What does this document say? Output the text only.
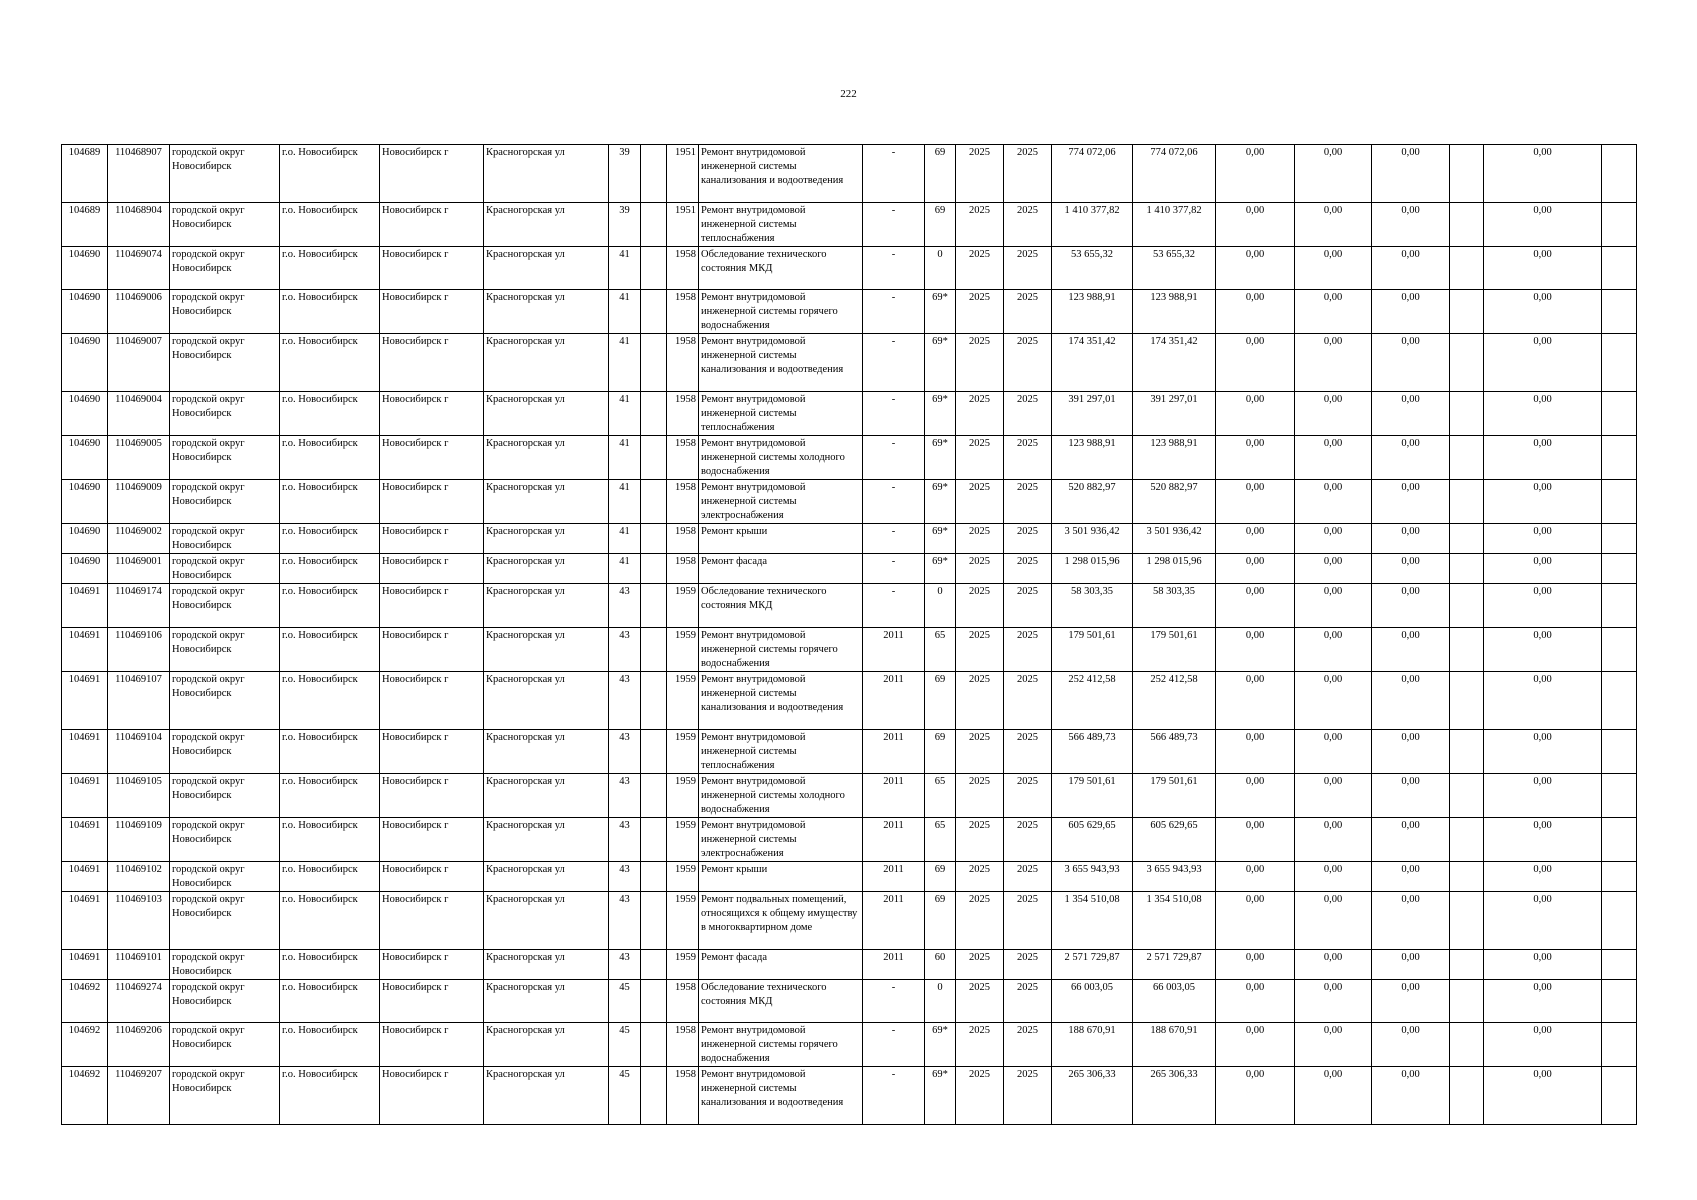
222
104689	110468907	городской округ Новосибирск	г.о. Новосибирск	Новосибирск г	Красногорская ул	39		1951	Ремонт внутридомовой инженерной системы канализования и водоотведения	-	69	2025	2025	774 072,06	774 072,06	0,00	0,00	0,00		0,00	
104689	110468904	городской округ Новосибирск	г.о. Новосибирск	Новосибирск г	Красногорская ул	39		1951	Ремонт внутридомовой инженерной системы теплоснабжения	-	69	2025	2025	1 410 377,82	1 410 377,82	0,00	0,00	0,00		0,00	
104690	110469074	городской округ Новосибирск	г.о. Новосибирск	Новосибирск г	Красногорская ул	41		1958	Обследование технического состояния МКД	-	0	2025	2025	53 655,32	53 655,32	0,00	0,00	0,00		0,00	
104690	110469006	городской округ Новосибирск	г.о. Новосибирск	Новосибирск г	Красногорская ул	41		1958	Ремонт внутридомовой инженерной системы горячего водоснабжения	-	69*	2025	2025	123 988,91	123 988,91	0,00	0,00	0,00		0,00	
104690	110469007	городской округ Новосибирск	г.о. Новосибирск	Новосибирск г	Красногорская ул	41		1958	Ремонт внутридомовой инженерной системы канализования и водоотведения	-	69*	2025	2025	174 351,42	174 351,42	0,00	0,00	0,00		0,00	
104690	110469004	городской округ Новосибирск	г.о. Новосибирск	Новосибирск г	Красногорская ул	41		1958	Ремонт внутридомовой инженерной системы теплоснабжения	-	69*	2025	2025	391 297,01	391 297,01	0,00	0,00	0,00		0,00	
104690	110469005	городской округ Новосибирск	г.о. Новосибирск	Новосибирск г	Красногорская ул	41		1958	Ремонт внутридомовой инженерной системы холодного водоснабжения	-	69*	2025	2025	123 988,91	123 988,91	0,00	0,00	0,00		0,00	
104690	110469009	городской округ Новосибирск	г.о. Новосибирск	Новосибирск г	Красногорская ул	41		1958	Ремонт внутридомовой инженерной системы электроснабжения	-	69*	2025	2025	520 882,97	520 882,97	0,00	0,00	0,00		0,00	
104690	110469002	городской округ Новосибирск	г.о. Новосибирск	Новосибирск г	Красногорская ул	41		1958	Ремонт крыши	-	69*	2025	2025	3 501 936,42	3 501 936,42	0,00	0,00	0,00		0,00	
104690	110469001	городской округ Новосибирск	г.о. Новосибирск	Новосибирск г	Красногорская ул	41		1958	Ремонт фасада	-	69*	2025	2025	1 298 015,96	1 298 015,96	0,00	0,00	0,00		0,00	
104691	110469174	городской округ Новосибирск	г.о. Новосибирск	Новосибирск г	Красногорская ул	43		1959	Обследование технического состояния МКД	-	0	2025	2025	58 303,35	58 303,35	0,00	0,00	0,00		0,00	
104691	110469106	городской округ Новосибирск	г.о. Новосибирск	Новосибирск г	Красногорская ул	43		1959	Ремонт внутридомовой инженерной системы горячего водоснабжения	2011	65	2025	2025	179 501,61	179 501,61	0,00	0,00	0,00		0,00	
104691	110469107	городской округ Новосибирск	г.о. Новосибирск	Новосибирск г	Красногорская ул	43		1959	Ремонт внутридомовой инженерной системы канализования и водоотведения	2011	69	2025	2025	252 412,58	252 412,58	0,00	0,00	0,00		0,00	
104691	110469104	городской округ Новосибирск	г.о. Новосибирск	Новосибирск г	Красногорская ул	43		1959	Ремонт внутридомовой инженерной системы теплоснабжения	2011	69	2025	2025	566 489,73	566 489,73	0,00	0,00	0,00		0,00	
104691	110469105	городской округ Новосибирск	г.о. Новосибирск	Новосибирск г	Красногорская ул	43		1959	Ремонт внутридомовой инженерной системы холодного водоснабжения	2011	65	2025	2025	179 501,61	179 501,61	0,00	0,00	0,00		0,00	
104691	110469109	городской округ Новосибирск	г.о. Новосибирск	Новосибирск г	Красногорская ул	43		1959	Ремонт внутридомовой инженерной системы электроснабжения	2011	65	2025	2025	605 629,65	605 629,65	0,00	0,00	0,00		0,00	
104691	110469102	городской округ Новосибирск	г.о. Новосибирск	Новосибирск г	Красногорская ул	43		1959	Ремонт крыши	2011	69	2025	2025	3 655 943,93	3 655 943,93	0,00	0,00	0,00		0,00	
104691	110469103	городской округ Новосибирск	г.о. Новосибирск	Новосибирск г	Красногорская ул	43		1959	Ремонт подвальных помещений, относящихся к общему имуществу в многоквартирном доме	2011	69	2025	2025	1 354 510,08	1 354 510,08	0,00	0,00	0,00		0,00	
104691	110469101	городской округ Новосибирск	г.о. Новосибирск	Новосибирск г	Красногорская ул	43		1959	Ремонт фасада	2011	60	2025	2025	2 571 729,87	2 571 729,87	0,00	0,00	0,00		0,00	
104692	110469274	городской округ Новосибирск	г.о. Новосибирск	Новосибирск г	Красногорская ул	45		1958	Обследование технического состояния МКД	-	0	2025	2025	66 003,05	66 003,05	0,00	0,00	0,00		0,00	
104692	110469206	городской округ Новосибирск	г.о. Новосибирск	Новосибирск г	Красногорская ул	45		1958	Ремонт внутридомовой инженерной системы горячего водоснабжения	-	69*	2025	2025	188 670,91	188 670,91	0,00	0,00	0,00		0,00	
104692	110469207	городской округ Новосибирск	г.о. Новосибирск	Новосибирск г	Красногорская ул	45		1958	Ремонт внутридомовой инженерной системы канализования и водоотведения	-	69*	2025	2025	265 306,33	265 306,33	0,00	0,00	0,00		0,00	
